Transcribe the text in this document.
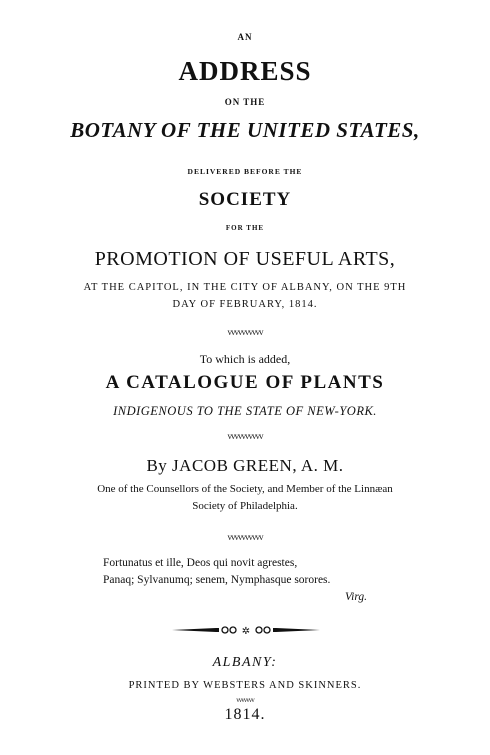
AN
ADDRESS
ON THE
BOTANY OF THE UNITED STATES,
DELIVERED BEFORE THE
SOCIETY
FOR THE
PROMOTION OF USEFUL ARTS,
AT THE CAPITOL, IN THE CITY OF ALBANY, ON THE 9TH
DAY OF FEBRUARY, 1814.
vvvvvvvvvv
To which is added,
A CATALOGUE OF PLANTS
INDIGENOUS TO THE STATE OF NEW-YORK.
vvvvvvvvvv
By JACOB GREEN, A. M.
One of the Counsellors of the Society, and Member of the Linnæan
Society of Philadelphia.
vvvvvvvvvv
Fortunatus et ille, Deos qui novit agrestes,
Panaq; Sylvanumq; senem, Nymphasque sorores.
Virg.
✲
ALBANY:
PRINTED BY WEBSTERS AND SKINNERS.
vvvvvvv
1814.
